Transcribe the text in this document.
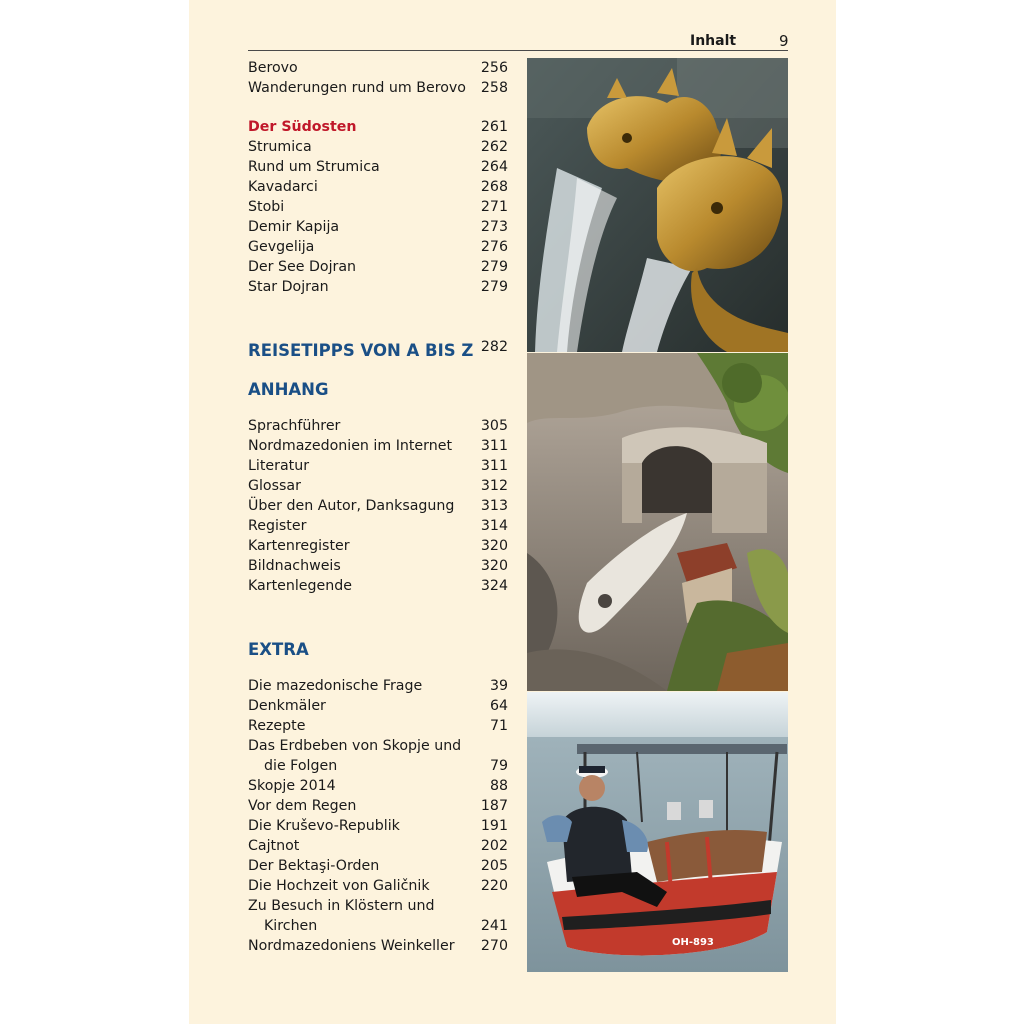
Inhalt	9
Berovo	256
Wanderungen rund um Berovo 258
Der Südosten	261
Strumica	262
Rund um Strumica	264
Kavadarci	268
Stobi	271
Demir Kapija	273
Gevgelija	276
Der See Dojran	279
Star Dojran	279
REISETIPPS VON A BIS Z 282
ANHANG
Sprachführer	305
Nordmazedonien im Internet 311
Literatur	311
Glossar	312
Über den Autor, Danksagung 313
Register	314
Kartenregister	320
Bildnachweis	320
Kartenlegende	324
EXTRA
Die mazedonische Frage	39
Denkmäler	64
Rezepte	71
Das Erdbeben von Skopje und
die Folgen	79
Skopje 2014	88
Vor dem Regen	187
Die Kruševo-Republik	191
Cajtnot	202
Der Bektaşi-Orden	205
Die Hochzeit von Galičnik	220
Zu Besuch in Klöstern und
Kirchen	241
Nordmazedoniens Weinkeller 270	OH-893
